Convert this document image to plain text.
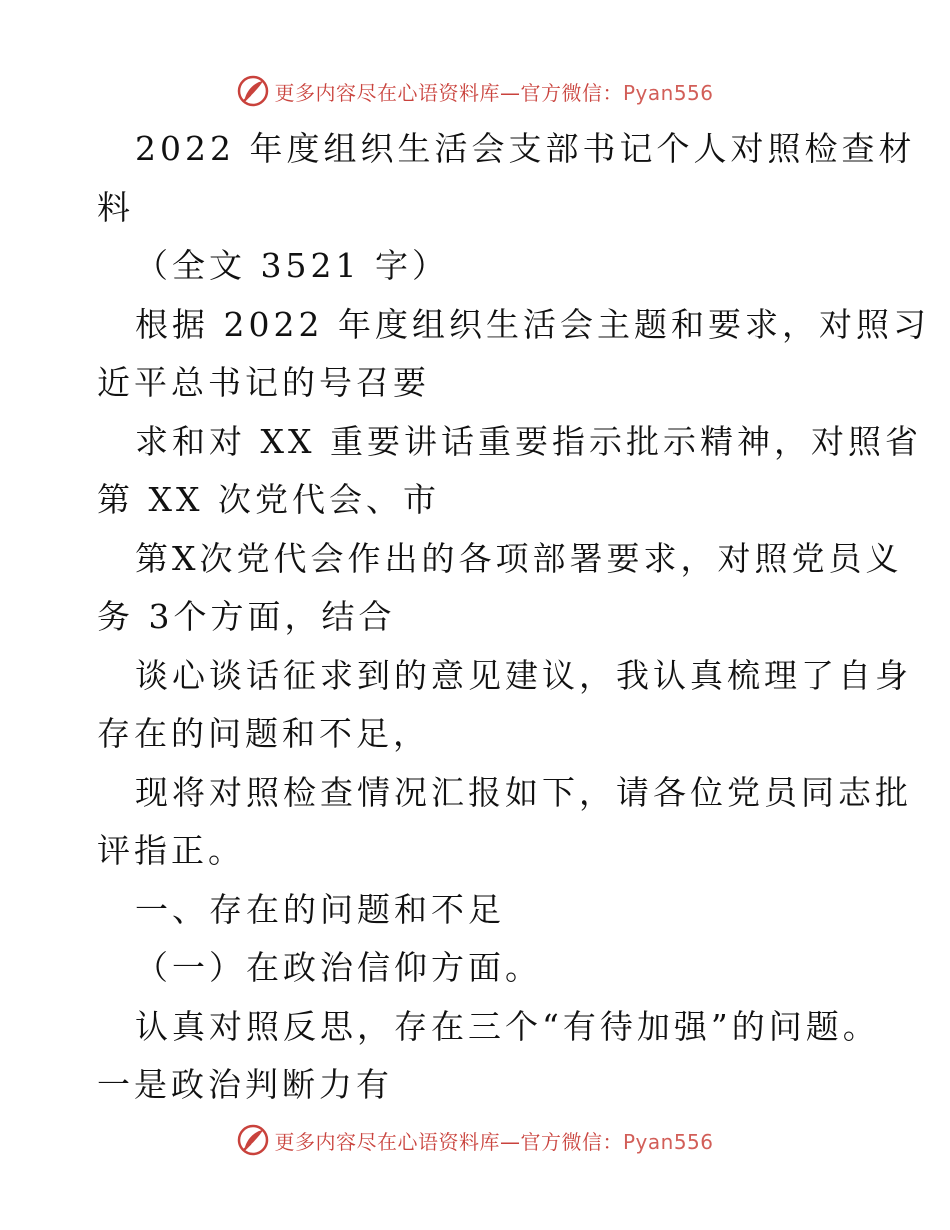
更多内容尽在心语资料库—官方微信：Pyan556
2022 年度组织生活会支部书记个人对照检查材
料
（全文 3521 字）
根据 2022 年度组织生活会主题和要求，对照习
近平总书记的号召要
求和对 XX 重要讲话重要指示批示精神，对照省
第 XX 次党代会、市
第X次党代会作出的各项部署要求，对照党员义
务 3个方面，结合
谈心谈话征求到的意见建议，我认真梳理了自身
存在的问题和不足，
现将对照检查情况汇报如下，请各位党员同志批
评指正。
一、存在的问题和不足
（一）在政治信仰方面。
认真对照反思，存在三个“有待加强”的问题。
一是政治判断力有
更多内容尽在心语资料库—官方微信：Pyan556
